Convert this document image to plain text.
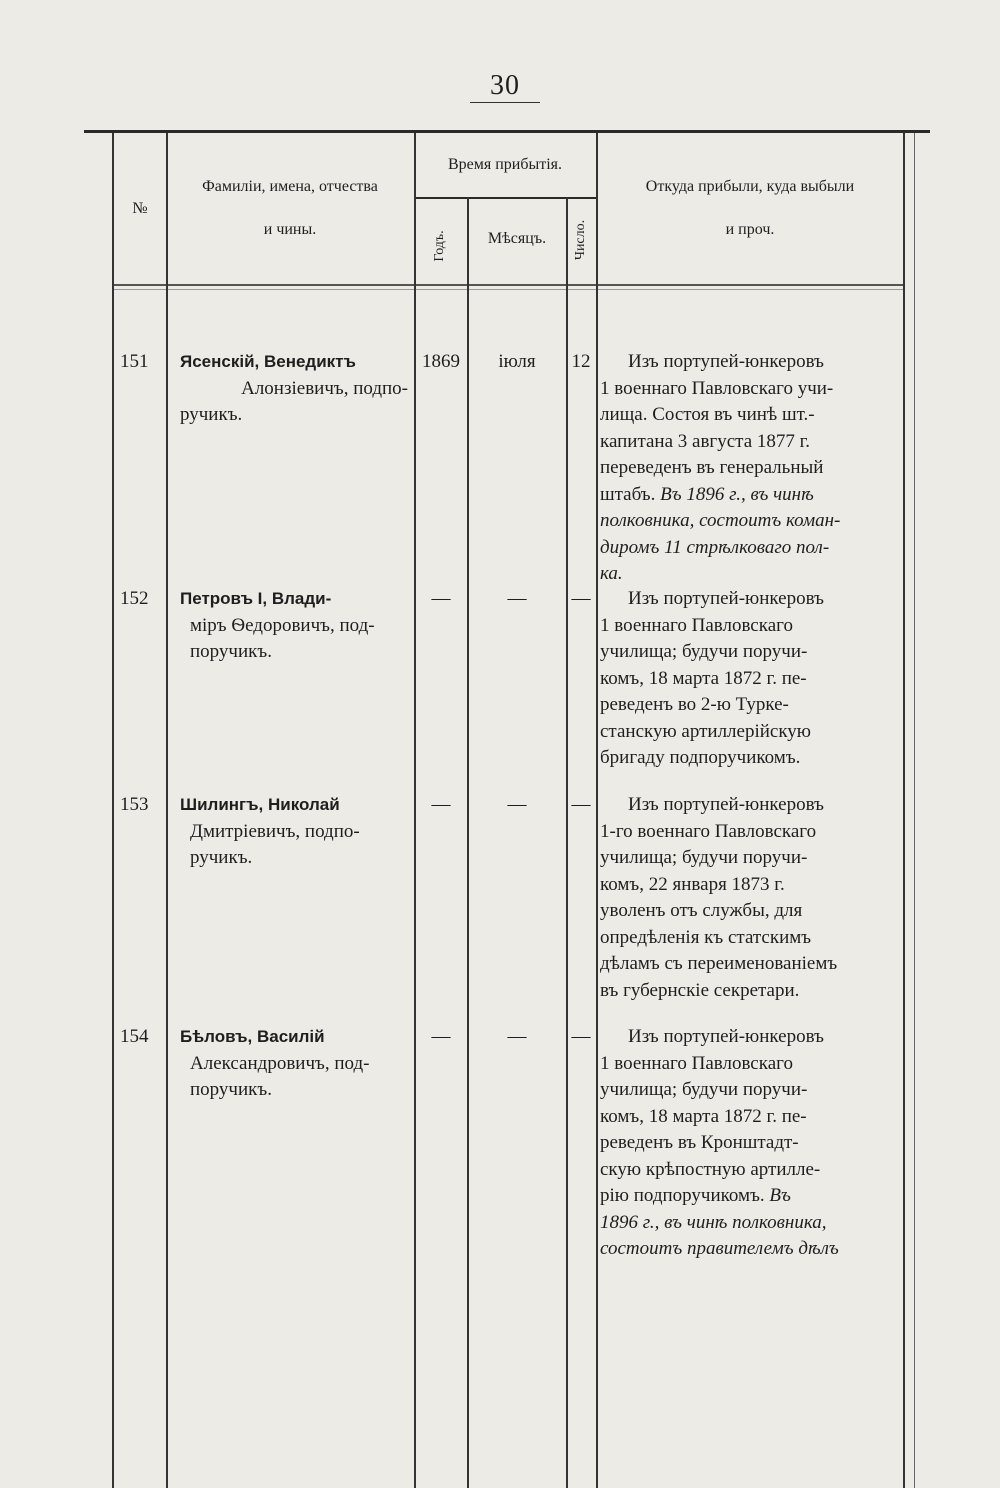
30
№
Фамиліи, имена, отчества
и чины.
Время прибытія.
Годъ.	Мѣсяцъ.	Число.
Откуда прибыли, куда выбыли
и проч.
151	Ясенскій, Венедиктъ
Алонзіевичъ, подпо-
ручикъ.
1869	іюля	12	Изъ портупей-юнкеровъ
1 военнаго Павловскаго учи-
лища. Состоя въ чинѣ шт.-
капитана 3 августа 1877 г.
переведенъ въ генеральный
штабъ. Въ 1896 г., въ чинѣ
полковника, состоитъ коман-
диромъ 11 стрѣлковаго пол-
ка.
152	Петровъ I, Влади-
міръ Ѳедоровичъ, под-
поручикъ.
—	—	—	Изъ портупей-юнкеровъ
1 военнаго Павловскаго
училища; будучи поручи-
комъ, 18 марта 1872 г. пе-
реведенъ во 2-ю Турке-
станскую артиллерійскую
бригаду подпоручикомъ.
153	Шилингъ, Николай
Дмитріевичъ, подпо-
ручикъ.
—	—	—	Изъ портупей-юнкеровъ
1-го военнаго Павловскаго
училища; будучи поручи-
комъ, 22 января 1873 г.
уволенъ отъ службы, для
опредѣленія къ статскимъ
дѣламъ съ переименованіемъ
въ губернскіе секретари.
154	Бѣловъ, Василій
Александровичъ, под-
поручикъ.
—	—	—	Изъ портупей-юнкеровъ
1 военнаго Павловскаго
училища; будучи поручи-
комъ, 18 марта 1872 г. пе-
реведенъ въ Кронштадт-
скую крѣпостную артилле-
рію подпоручикомъ. Въ
1896 г., въ чинѣ полковника,
состоитъ правителемъ дѣлъ
